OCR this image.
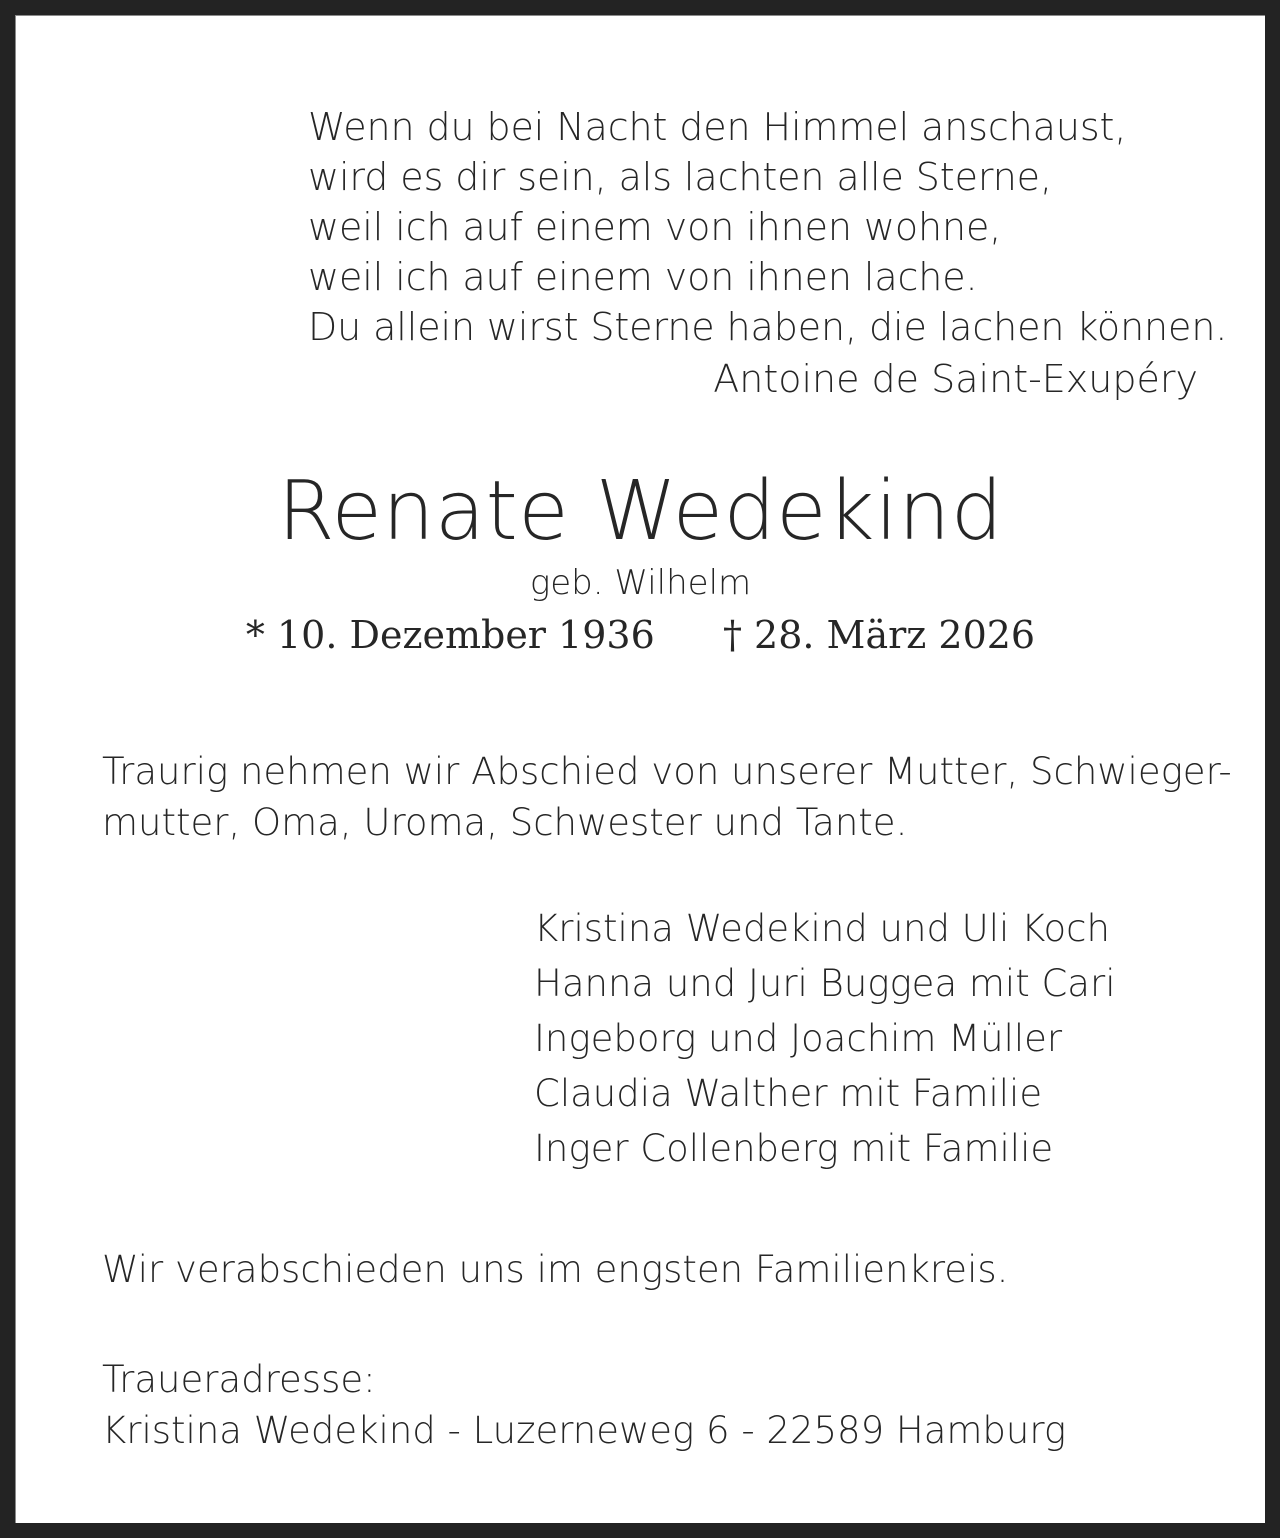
Wenn du bei Nacht den Himmel anschaust,
wird es dir sein, als lachten alle Sterne,
weil ich auf einem von ihnen wohne,
weil ich auf einem von ihnen lache.
Du allein wirst Sterne haben, die lachen können.
Antoine de Saint-Exupéry
Renate Wedekind
geb. Wilhelm
* 10. Dezember 1936 † 28. März 2026
Traurig nehmen wir Abschied von unserer Mutter, Schwieger-
mutter, Oma, Uroma, Schwester und Tante.
Kristina Wedekind und Uli Koch
Hanna und Juri Buggea mit Cari
Ingeborg und Joachim Müller
Claudia Walther mit Familie
Inger Collenberg mit Familie
Wir verabschieden uns im engsten Familienkreis.
Traueradresse:
Kristina Wedekind - Luzerneweg 6 - 22589 Hamburg
